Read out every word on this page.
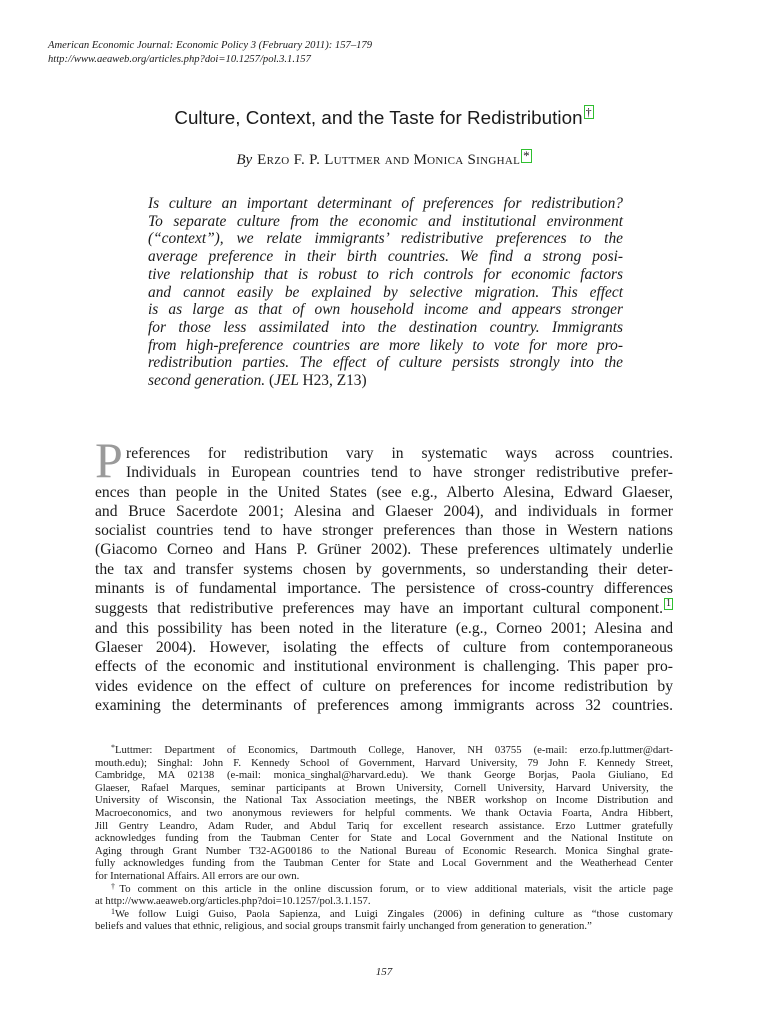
American Economic Journal: Economic Policy 3 (February 2011): 157–179
http://www.aeaweb.org/articles.php?doi=10.1257/pol.3.1.157
Culture, Context, and the Taste for Redistribution †
By Erzo F. P. Luttmer and Monica Singhal *
Is culture an important determinant of preferences for redistribution?
To separate culture from the economic and institutional environment
(“context”), we relate immigrants’ redistributive preferences to the
average preference in their birth countries. We find a strong posi-
tive relationship that is robust to rich controls for economic factors
and cannot easily be explained by selective migration. This effect
is as large as that of own household income and appears stronger
for those less assimilated into the destination country. Immigrants
from high-preference countries are more likely to vote for more pro-
redistribution parties. The effect of culture persists strongly into the
second generation. (JEL H23, Z13)
P references for redistribution vary in systematic ways across countries.
Individuals in European countries tend to have stronger redistributive prefer-
ences than people in the United States (see e.g., Alberto Alesina, Edward Glaeser,
and Bruce Sacerdote 2001; Alesina and Glaeser 2004), and individuals in former
socialist countries tend to have stronger preferences than those in Western nations
(Giacomo Corneo and Hans P. Grüner 2002). These preferences ultimately underlie
the tax and transfer systems chosen by governments, so understanding their deter-
minants is of fundamental importance. The persistence of cross-country differences
suggests that redistributive preferences may have an important cultural component. 1
and this possibility has been noted in the literature (e.g., Corneo 2001; Alesina and
Glaeser 2004). However, isolating the effects of culture from contemporaneous
effects of the economic and institutional environment is challenging. This paper pro-
vides evidence on the effect of culture on preferences for income redistribution by
examining the determinants of preferences among immigrants across 32 countries.
*Luttmer: Department of Economics, Dartmouth College, Hanover, NH 03755 (e-mail: erzo.fp.luttmer@dart-
mouth.edu); Singhal: John F. Kennedy School of Government, Harvard University, 79 John F. Kennedy Street,
Cambridge, MA 02138 (e-mail: monica_singhal@harvard.edu). We thank George Borjas, Paola Giuliano, Ed
Glaeser, Rafael Marques, seminar participants at Brown University, Cornell University, Harvard University, the
University of Wisconsin, the National Tax Association meetings, the NBER workshop on Income Distribution and
Macroeconomics, and two anonymous reviewers for helpful comments. We thank Octavia Foarta, Andra Hibbert,
Jill Gentry Leandro, Adam Ruder, and Abdul Tariq for excellent research assistance. Erzo Luttmer gratefully
acknowledges funding from the Taubman Center for State and Local Government and the National Institute on
Aging through Grant Number T32-AG00186 to the National Bureau of Economic Research. Monica Singhal grate-
fully acknowledges funding from the Taubman Center for State and Local Government and the Weatherhead Center
for International Affairs. All errors are our own.
†To comment on this article in the online discussion forum, or to view additional materials, visit the article page
at http://www.aeaweb.org/articles.php?doi=10.1257/pol.3.1.157.
$^1$We follow Luigi Guiso, Paola Sapienza, and Luigi Zingales (2006) in defining culture as “those customary
beliefs and values that ethnic, religious, and social groups transmit fairly unchanged from generation to generation.”
157
